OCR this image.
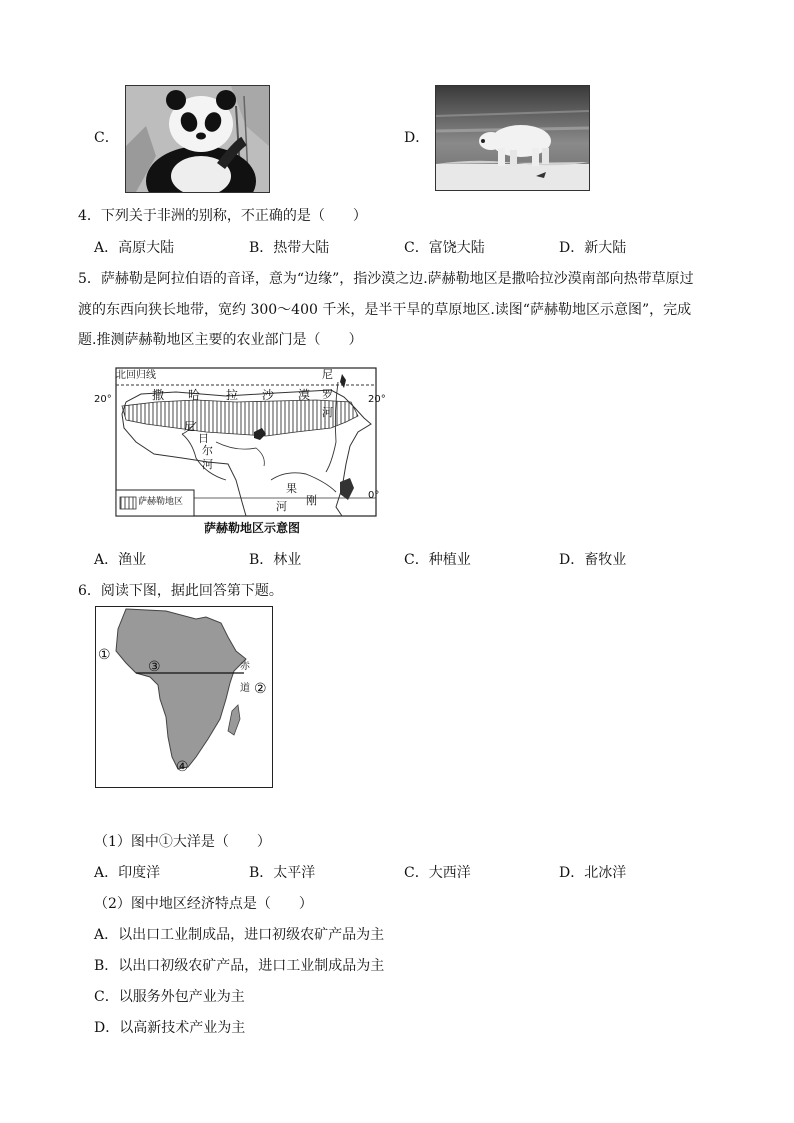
C．	D．
4．下列关于非洲的别称，不正确的是（　　）
A．高原大陆	B．热带大陆	C．富饶大陆	D．新大陆
5．萨赫勒是阿拉伯语的音译，意为“边缘”，指沙漠之边.萨赫勒地区是撒哈拉沙漠南部向热带草原过
渡的东西向狭长地带，宽约 300～400 千米，是半干旱的草原地区.读图“萨赫勒地区示意图”，完成
题.推测萨赫勒地区主要的农业部门是（　　）
北回归线
20°	20°
0°
撒 哈 拉 沙 漠
尼
罗
河
尼
日
尔
河
刚
果
河
萨赫勒地区
萨赫勒地区示意图
A．渔业	B．林业	C．种植业	D．畜牧业
6．阅读下图，据此回答第下题。
①
②
③
④
赤
道
（1）图中①大洋是（　　）
A．印度洋	B．太平洋	C．大西洋	D．北冰洋
（2）图中地区经济特点是（　　）
A．以出口工业制成品，进口初级农矿产品为主
B．以出口初级农矿产品，进口工业制成品为主
C．以服务外包产业为主
D．以高新技术产业为主
